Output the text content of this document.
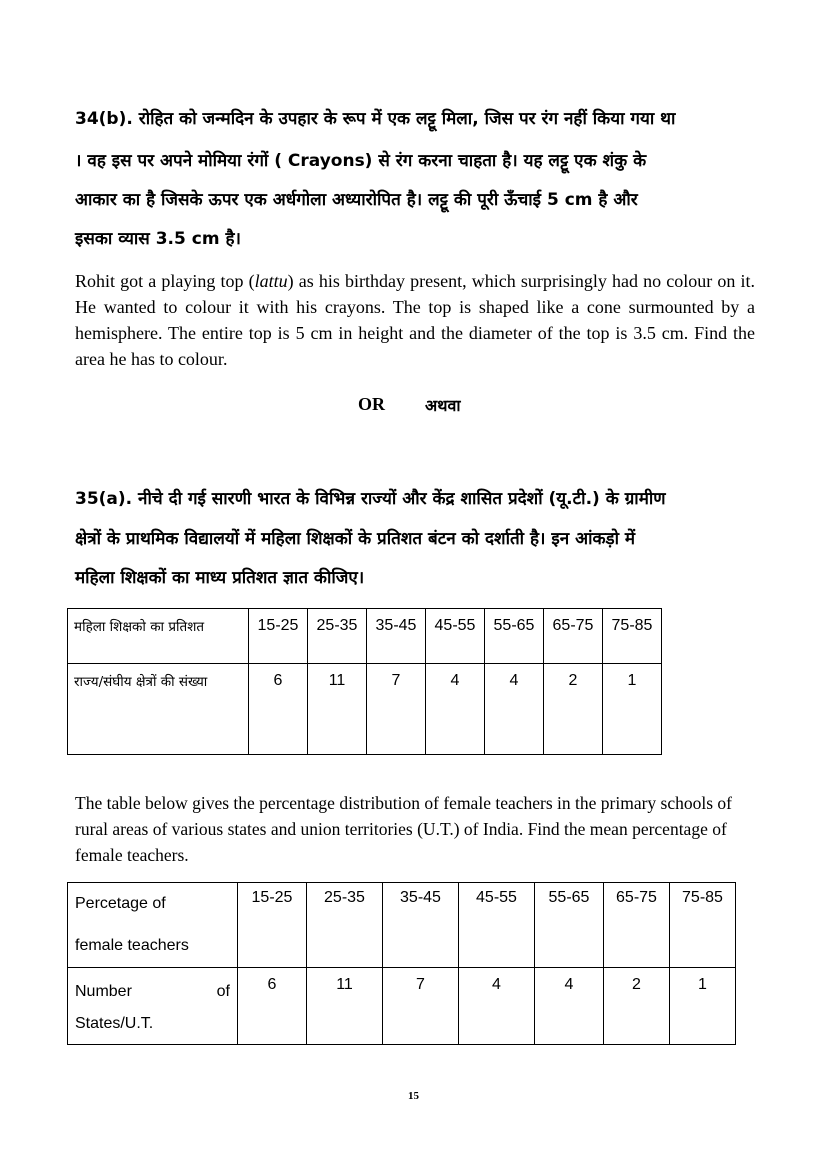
34(b). रोहित को जन्मदिन के उपहार के रूप में एक लट्टू मिला, जिस पर रंग नहीं किया गया था
। वह इस पर अपने मोमिया रंगों ( Crayons) से रंग करना चाहता है। यह लट्टू एक शंकु के
आकार का है जिसके ऊपर एक अर्धगोला अध्यारोपित है। लट्टू की पूरी ऊँचाई 5 cm है और
इसका व्यास 3.5 cm है।
Rohit got a playing top (lattu) as his birthday present, which surprisingly had no colour on it. He wanted to colour it with his crayons. The top is shaped like a cone surmounted by a hemisphere. The entire top is 5 cm in height and the diameter of the top is 3.5 cm. Find the area he has to colour.
OR	अथवा
35(a). नीचे दी गई सारणी भारत के विभिन्न राज्यों और केंद्र शासित प्रदेशों (यू.टी.) के ग्रामीण
क्षेत्रों के प्राथमिक विद्यालयों में महिला शिक्षकों के प्रतिशत बंटन को दर्शाती है। इन आंकड़ो में
महिला शिक्षकों का माध्य प्रतिशत ज्ञात कीजिए।
महिला शिक्षको का प्रतिशत	15-25	25-35	35-45	45-55	55-65	65-75	75-85
राज्य/संघीय क्षेत्रों की संख्या	6	11	7	4	4	2	1
The table below gives the percentage distribution of female teachers in the primary schools of rural areas of various states and union territories (U.T.) of India. Find the mean percentage of female teachers.
Percetage of
female teachers	15-25	25-35	35-45	45-55	55-65	65-75	75-85

Number of
States/U.T.	6	11	7	4	4	2	1
15
